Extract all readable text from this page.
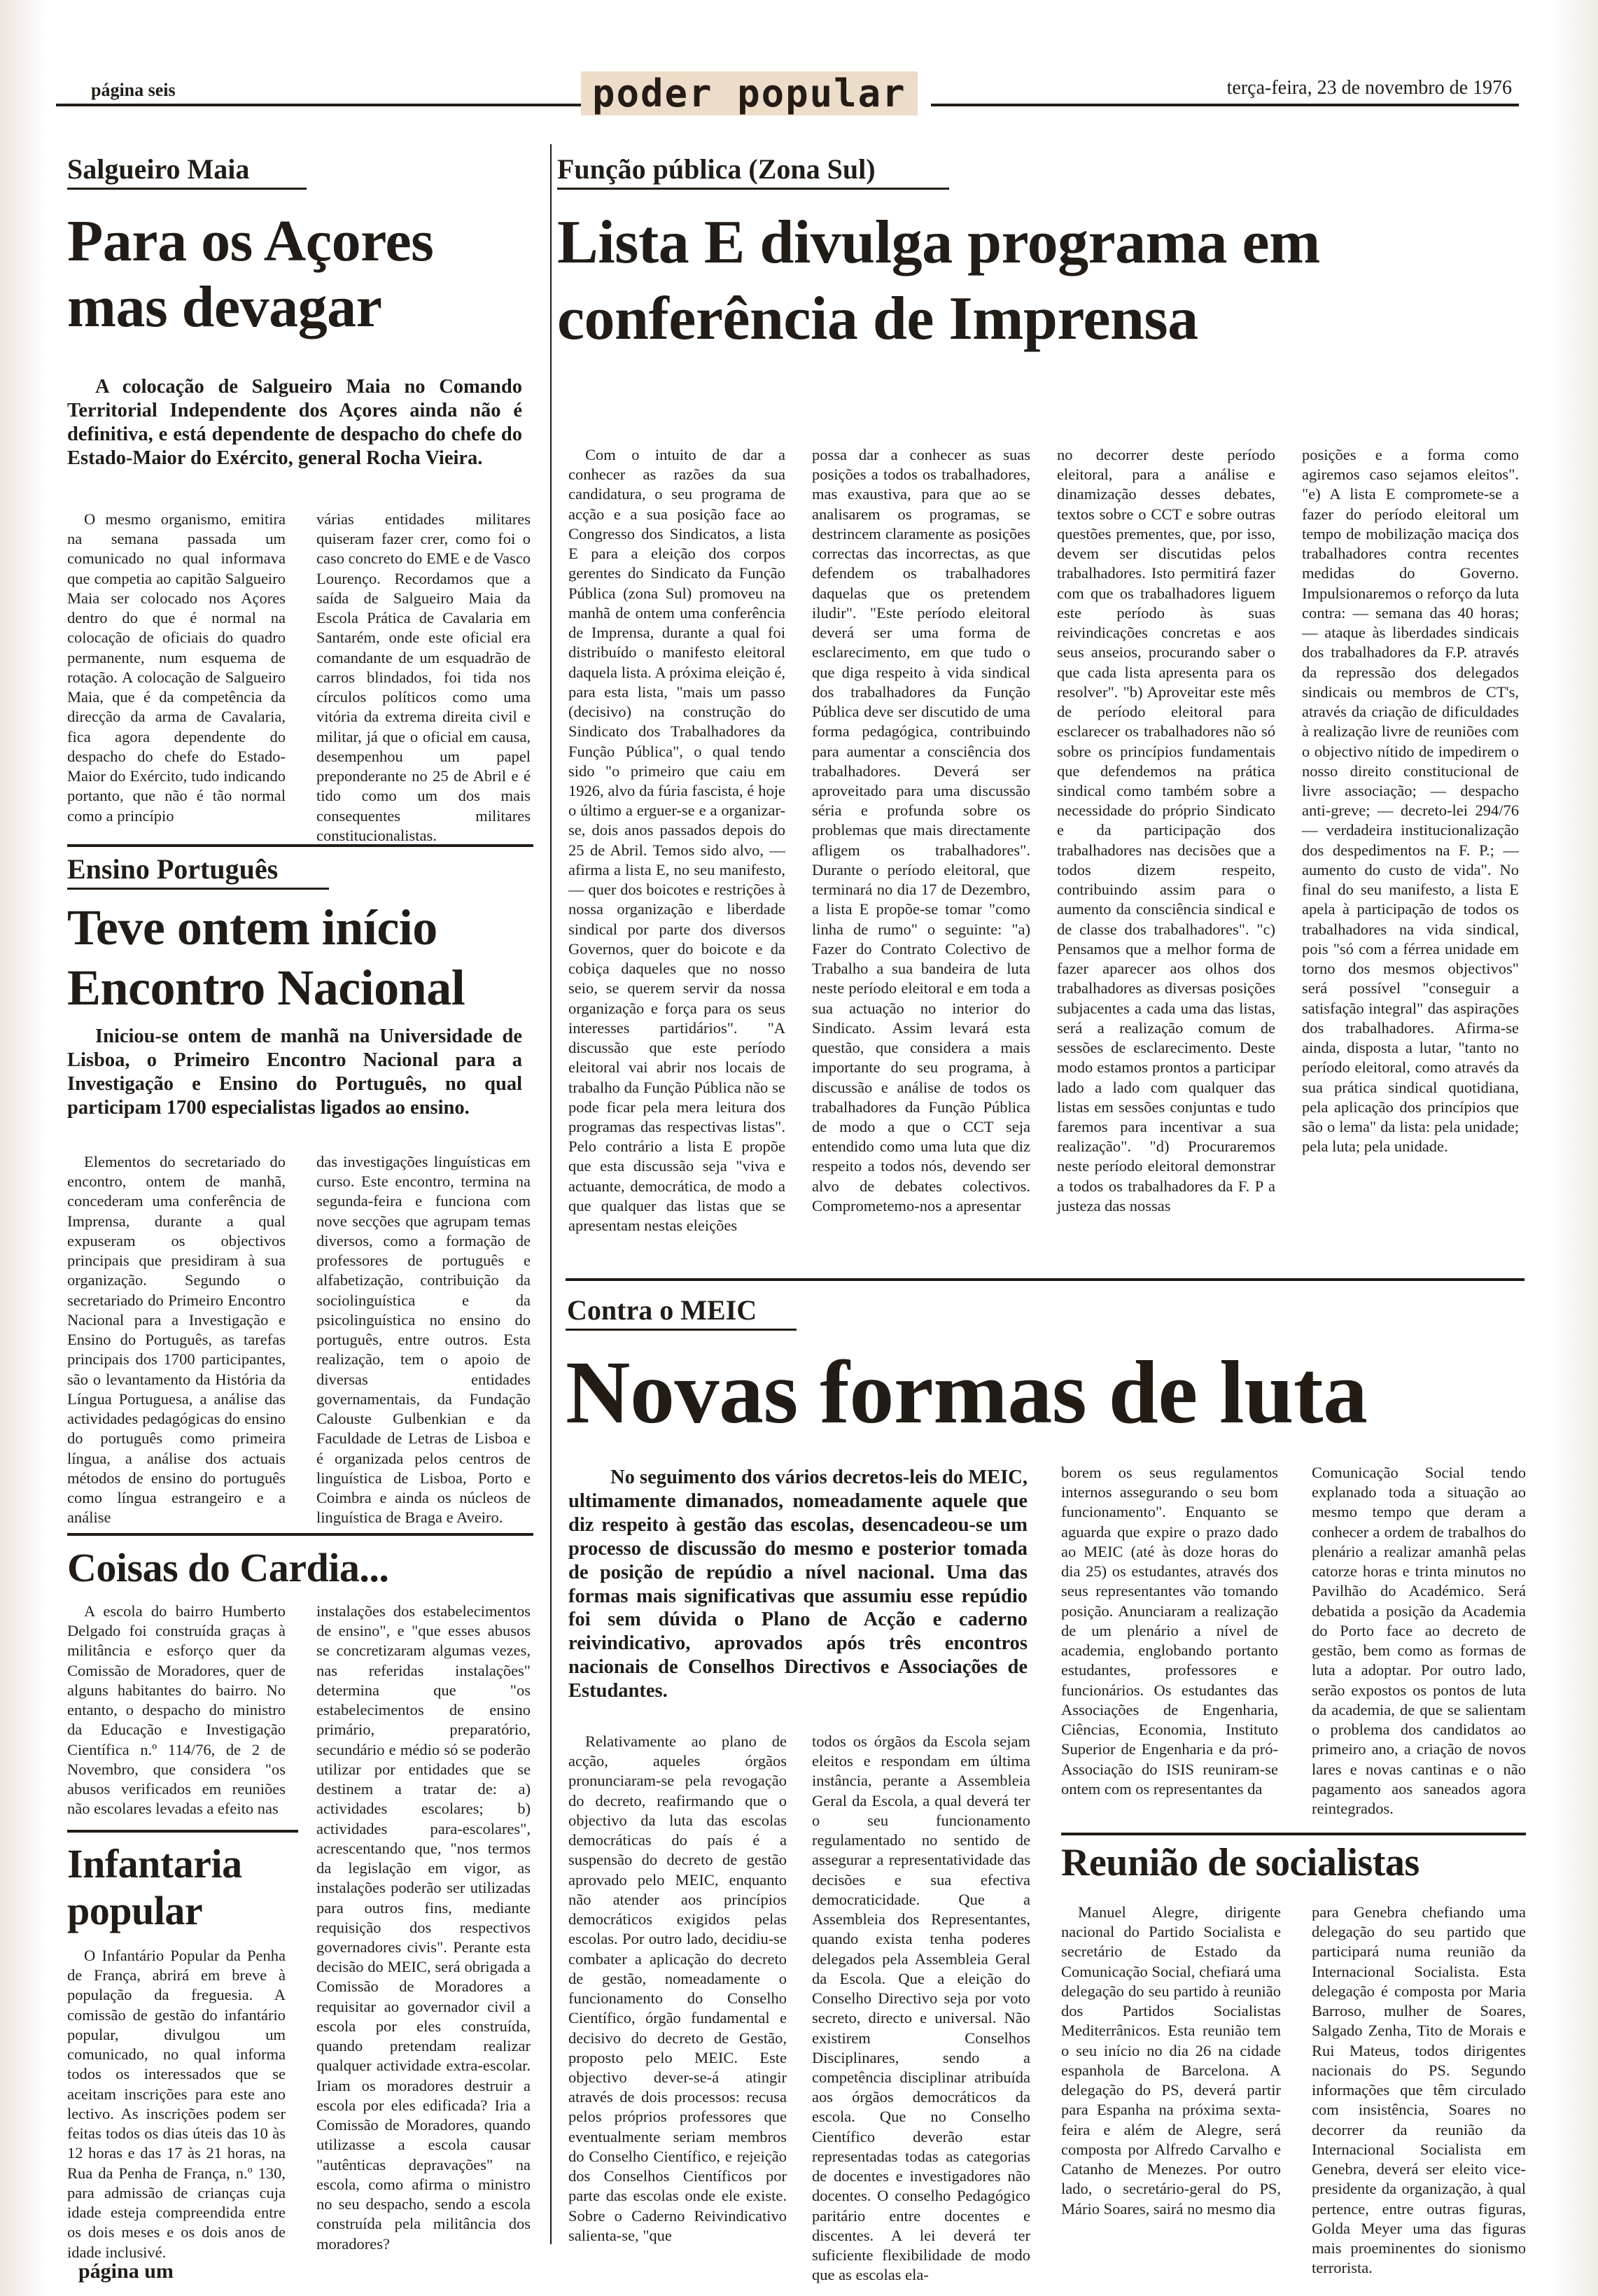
página seis	poder popular	terça-feira, 23 de novembro de 1976
Salgueiro Maia
Para os Açores mas devagar
A colocação de Salgueiro Maia no Comando Territorial Independente dos Açores ainda não é definitiva, e está dependente de despacho do chefe do Estado-Maior do Exército, general Rocha Vieira.

O mesmo organismo, emitira na semana passada um comunicado no qual informava que competia ao capitão Salgueiro Maia ser colocado nos Açores dentro do que é normal na colocação de oficiais do quadro permanente, num esquema de rotação. A colocação de Salgueiro Maia, que é da competência da direcção da arma de Cavalaria, fica agora dependente do despacho do chefe do Estado-Maior do Exército, tudo indicando portanto, que não é tão normal como a princípio

várias entidades militares quiseram fazer crer, como foi o caso concreto do EME e de Vasco Lourenço. Recordamos que a saída de Salgueiro Maia da Escola Prática de Cavalaria em Santarém, onde este oficial era comandante de um esquadrão de carros blindados, foi tida nos círculos políticos como uma vitória da extrema direita civil e militar, já que o oficial em causa, desempenhou um papel preponderante no 25 de Abril e é tido como um dos mais consequentes militares constitucionalistas.

Ensino Português
Teve ontem início Encontro Nacional
Iniciou-se ontem de manhã na Universidade de Lisboa, o Primeiro Encontro Nacional para a Investigação e Ensino do Português, no qual participam 1700 especialistas ligados ao ensino.

Elementos do secretariado do encontro, ontem de manhã, concederam uma conferência de Imprensa, durante a qual expuseram os objectivos principais que presidiram à sua organização. Segundo o secretariado do Primeiro Encontro Nacional para a Investigação e Ensino do Português, as tarefas principais dos 1700 participantes, são o levantamento da História da Língua Portuguesa, a análise das actividades pedagógicas do ensino do português como primeira língua, a análise dos actuais métodos de ensino do português como língua estrangeiro e a análise

das investigações linguísticas em curso. Este encontro, termina na segunda-feira e funciona com nove secções que agrupam temas diversos, como a formação de professores de português e alfabetização, contribuição da sociolinguística e da psicolinguística no ensino do português, entre outros. Esta realização, tem o apoio de diversas entidades governamentais, da Fundação Calouste Gulbenkian e da Faculdade de Letras de Lisboa e é organizada pelos centros de linguística de Lisboa, Porto e Coimbra e ainda os núcleos de linguística de Braga e Aveiro.

Coisas do Cardia...

A escola do bairro Humberto Delgado foi construída graças à militância e esforço quer da Comissão de Moradores, quer de alguns habitantes do bairro. No entanto, o despacho do ministro da Educação e Investigação Científica n.º 114/76, de 2 de Novembro, que considera "os abusos verificados em reuniões não escolares levadas a efeito nas

instalações dos estabelecimentos de ensino", e "que esses abusos se concretizaram algumas vezes, nas referidas instalações" determina que "os estabelecimentos de ensino primário, preparatório, secundário e médio só se poderão utilizar por entidades que se destinem a tratar de: a) actividades escolares; b) actividades para-escolares", acrescentando que, "nos termos da legislação em vigor, as instalações poderão ser utilizadas para outros fins, mediante requisição dos respectivos governadores civis". Perante esta decisão do MEIC, será obrigada a Comissão de Moradores a requisitar ao governador civil a escola por eles construída, quando pretendam realizar qualquer actividade extra-escolar. Iriam os moradores destruir a escola por eles edificada? Iria a Comissão de Moradores, quando utilizasse a escola causar "autênticas depravações" na escola, como afirma o ministro no seu despacho, sendo a escola construída pela militância dos moradores?

Infantaria popular

O Infantário Popular da Penha de França, abrirá em breve à população da freguesia. A comissão de gestão do infantário popular, divulgou um comunicado, no qual informa todos os interessados que se aceitam inscrições para este ano lectivo. As inscrições podem ser feitas todos os dias úteis das 10 às 12 horas e das 17 às 21 horas, na Rua da Penha de França, n.º 130, para admissão de crianças cuja idade esteja compreendida entre os dois meses e os dois anos de idade inclusivé.

Função pública (Zona Sul)
Lista E divulga programa em conferência de Imprensa

Com o intuito de dar a conhecer as razões da sua candidatura, o seu programa de acção e a sua posição face ao Congresso dos Sindicatos, a lista E para a eleição dos corpos gerentes do Sindicato da Função Pública (zona Sul) promoveu na manhã de ontem uma conferência de Imprensa, durante a qual foi distribuído o manifesto eleitoral daquela lista. A próxima eleição é, para esta lista, "mais um passo (decisivo) na construção do Sindicato dos Trabalhadores da Função Pública", o qual tendo sido "o primeiro que caiu em 1926, alvo da fúria fascista, é hoje o último a erguer-se e a organizar-se, dois anos passados depois do 25 de Abril. Temos sido alvo, — afirma a lista E, no seu manifesto, — quer dos boicotes e restrições à nossa organização e liberdade sindical por parte dos diversos Governos, quer do boicote e da cobiça daqueles que no nosso seio, se querem servir da nossa organização e força para os seus interesses partidários". "A discussão que este período eleitoral vai abrir nos locais de trabalho da Função Pública não se pode ficar pela mera leitura dos programas das respectivas listas". Pelo contrário a lista E propõe que esta discussão seja "viva e actuante, democrática, de modo a que qualquer das listas que se apresentam nestas eleições

possa dar a conhecer as suas posições a todos os trabalhadores, mas exaustiva, para que ao se analisarem os programas, se destrincem claramente as posições correctas das incorrectas, as que defendem os trabalhadores daquelas que os pretendem iludir". "Este período eleitoral deverá ser uma forma de esclarecimento, em que tudo o que diga respeito à vida sindical dos trabalhadores da Função Pública deve ser discutido de uma forma pedagógica, contribuindo para aumentar a consciência dos trabalhadores. Deverá ser aproveitado para uma discussão séria e profunda sobre os problemas que mais directamente afligem os trabalhadores". Durante o período eleitoral, que terminará no dia 17 de Dezembro, a lista E propõe-se tomar "como linha de rumo" o seguinte: "a) Fazer do Contrato Colectivo de Trabalho a sua bandeira de luta neste período eleitoral e em toda a sua actuação no interior do Sindicato. Assim levará esta questão, que considera a mais importante do seu programa, à discussão e análise de todos os trabalhadores da Função Pública de modo a que o CCT seja entendido como uma luta que diz respeito a todos nós, devendo ser alvo de debates colectivos. Comprometemo-nos a apresentar

no decorrer deste período eleitoral, para a análise e dinamização desses debates, textos sobre o CCT e sobre outras questões prementes, que, por isso, devem ser discutidas pelos trabalhadores. Isto permitirá fazer com que os trabalhadores liguem este período às suas reivindicações concretas e aos seus anseios, procurando saber o que cada lista apresenta para os resolver". "b) Aproveitar este mês de período eleitoral para esclarecer os trabalhadores não só sobre os princípios fundamentais que defendemos na prática sindical como também sobre a necessidade do próprio Sindicato e da participação dos trabalhadores nas decisões que a todos dizem respeito, contribuindo assim para o aumento da consciência sindical e de classe dos trabalhadores". "c) Pensamos que a melhor forma de fazer aparecer aos olhos dos trabalhadores as diversas posições subjacentes a cada uma das listas, será a realização comum de sessões de esclarecimento. Deste modo estamos prontos a participar lado a lado com qualquer das listas em sessões conjuntas e tudo faremos para incentivar a sua realização". "d) Procuraremos neste período eleitoral demonstrar a todos os trabalhadores da F. P a justeza das nossas

posições e a forma como agiremos caso sejamos eleitos". "e) A lista E compromete-se a fazer do período eleitoral um tempo de mobilização maciça dos trabalhadores contra recentes medidas do Governo. Impulsionaremos o reforço da luta contra: — semana das 40 horas; — ataque às liberdades sindicais dos trabalhadores da F.P. através da repressão dos delegados sindicais ou membros de CT's, através da criação de dificuldades à realização livre de reuniões com o objectivo nítido de impedirem o nosso direito constitucional de livre associação; — despacho anti-greve; — decreto-lei 294/76 — verdadeira institucionalização dos despedimentos na F. P.; — aumento do custo de vida". No final do seu manifesto, a lista E apela à participação de todos os trabalhadores na vida sindical, pois "só com a férrea unidade em torno dos mesmos objectivos" será possível "conseguir a satisfação integral" das aspirações dos trabalhadores. Afirma-se ainda, disposta a lutar, "tanto no período eleitoral, como através da sua prática sindical quotidiana, pela aplicação dos princípios que são o lema" da lista: pela unidade; pela luta; pela unidade.

Contra o MEIC
Novas formas de luta
No seguimento dos vários decretos-leis do MEIC, ultimamente dimanados, nomeadamente aquele que diz respeito à gestão das escolas, desencadeou-se um processo de discussão do mesmo e posterior tomada de posição de repúdio a nível nacional. Uma das formas mais significativas que assumiu esse repúdio foi sem dúvida o Plano de Acção e caderno reivindicativo, aprovados após três encontros nacionais de Conselhos Directivos e Associações de Estudantes.

Relativamente ao plano de acção, aqueles órgãos pronunciaram-se pela revogação do decreto, reafirmando que o objectivo da luta das escolas democráticas do país é a suspensão do decreto de gestão aprovado pelo MEIC, enquanto não atender aos princípios democráticos exigidos pelas escolas. Por outro lado, decidiu-se combater a aplicação do decreto de gestão, nomeadamente o funcionamento do Conselho Científico, órgão fundamental e decisivo do decreto de Gestão, proposto pelo MEIC. Este objectivo dever-se-á atingir através de dois processos: recusa pelos próprios professores que eventualmente seriam membros do Conselho Científico, e rejeição dos Conselhos Científicos por parte das escolas onde ele existe. Sobre o Caderno Reivindicativo salienta-se, "que

todos os órgãos da Escola sejam eleitos e respondam em última instância, perante a Assembleia Geral da Escola, a qual deverá ter o seu funcionamento regulamentado no sentido de assegurar a representatividade das decisões e sua efectiva democraticidade. Que a Assembleia dos Representantes, quando exista tenha poderes delegados pela Assembleia Geral da Escola. Que a eleição do Conselho Directivo seja por voto secreto, directo e universal. Não existirem Conselhos Disciplinares, sendo a competência disciplinar atribuída aos órgãos democráticos da escola. Que no Conselho Científico deverão estar representadas todas as categorias de docentes e investigadores não docentes. O conselho Pedagógico paritário entre docentes e discentes. A lei deverá ter suficiente flexibilidade de modo que as escolas ela-

borem os seus regulamentos internos assegurando o seu bom funcionamento". Enquanto se aguarda que expire o prazo dado ao MEIC (até às doze horas do dia 25) os estudantes, através dos seus representantes vão tomando posição. Anunciaram a realização de um plenário a nível de academia, englobando portanto estudantes, professores e funcionários. Os estudantes das Associações de Engenharia, Ciências, Economia, Instituto Superior de Engenharia e da pró-Associação do ISIS reuniram-se ontem com os representantes da

Comunicação Social tendo explanado toda a situação ao mesmo tempo que deram a conhecer a ordem de trabalhos do plenário a realizar amanhã pelas catorze horas e trinta minutos no Pavilhão do Académico. Será debatida a posição da Academia do Porto face ao decreto de gestão, bem como as formas de luta a adoptar. Por outro lado, serão expostos os pontos de luta da academia, de que se salientam o problema dos candidatos ao primeiro ano, a criação de novos lares e novas cantinas e o não pagamento aos saneados agora reintegrados.

Reunião de socialistas

Manuel Alegre, dirigente nacional do Partido Socialista e secretário de Estado da Comunicação Social, chefiará uma delegação do seu partido à reunião dos Partidos Socialistas Mediterrânicos. Esta reunião tem o seu início no dia 26 na cidade espanhola de Barcelona. A delegação do PS, deverá partir para Espanha na próxima sexta-feira e além de Alegre, será composta por Alfredo Carvalho e Catanho de Menezes. Por outro lado, o secretário-geral do PS, Mário Soares, sairá no mesmo dia

para Genebra chefiando uma delegação do seu partido que participará numa reunião da Internacional Socialista. Esta delegação é composta por Maria Barroso, mulher de Soares, Salgado Zenha, Tito de Morais e Rui Mateus, todos dirigentes nacionais do PS. Segundo informações que têm circulado com insistência, Soares no decorrer da reunião da Internacional Socialista em Genebra, deverá ser eleito vice-presidente da organização, à qual pertence, entre outras figuras, Golda Meyer uma das figuras mais proeminentes do sionismo terrorista.

página um
